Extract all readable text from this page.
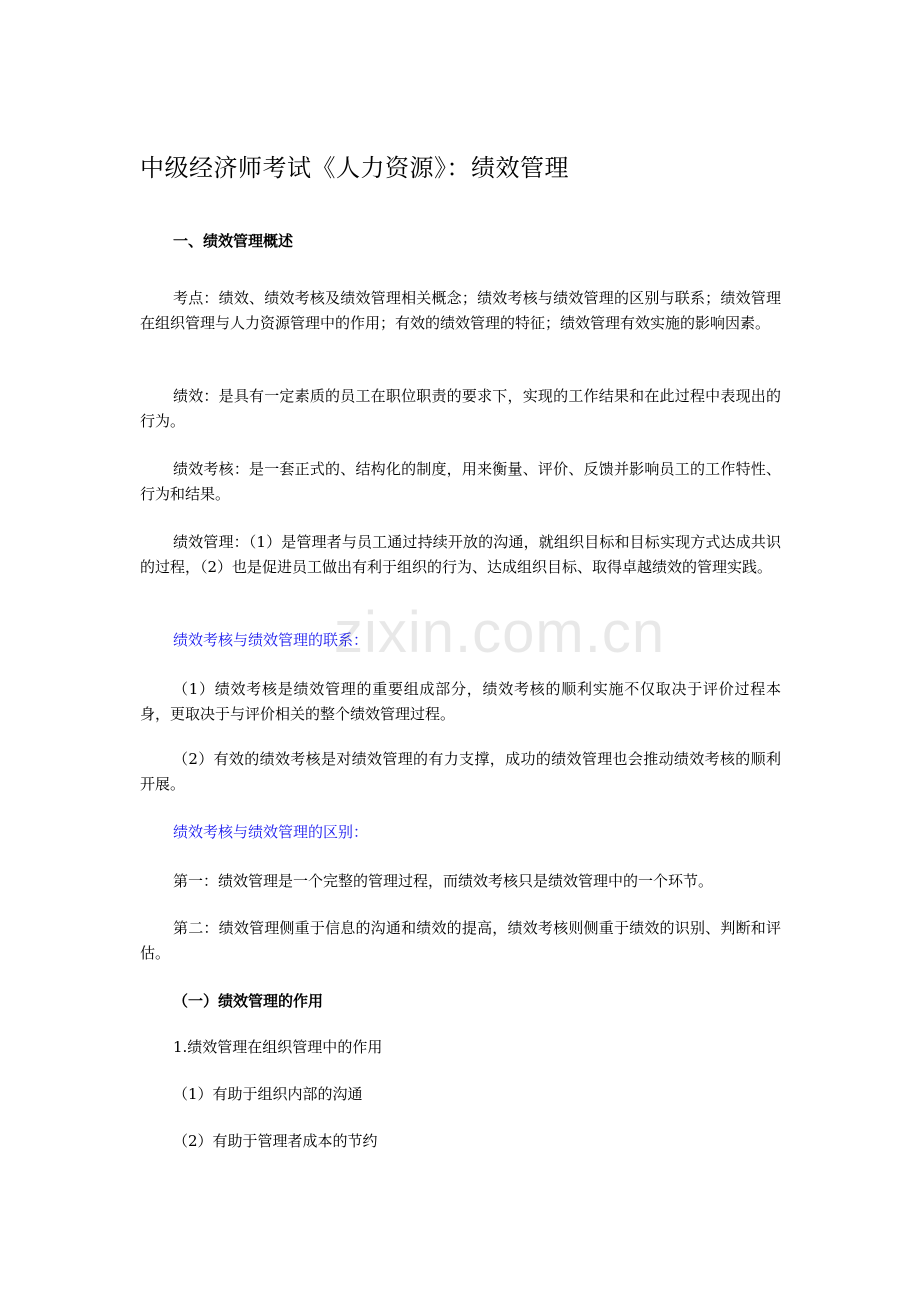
中级经济师考试《人力资源》：绩效管理
一、绩效管理概述
考点：绩效、绩效考核及绩效管理相关概念；绩效考核与绩效管理的区别与联系；绩效管理在组织管理与人力资源管理中的作用；有效的绩效管理的特征；绩效管理有效实施的影响因素。
绩效：是具有一定素质的员工在职位职责的要求下，实现的工作结果和在此过程中表现出的行为。
绩效考核：是一套正式的、结构化的制度，用来衡量、评价、反馈并影响员工的工作特性、行为和结果。
绩效管理：（1）是管理者与员工通过持续开放的沟通，就组织目标和目标实现方式达成共识的过程，（2）也是促进员工做出有利于组织的行为、达成组织目标、取得卓越绩效的管理实践。
绩效考核与绩效管理的联系：
（1）绩效考核是绩效管理的重要组成部分，绩效考核的顺利实施不仅取决于评价过程本身，更取决于与评价相关的整个绩效管理过程。
（2）有效的绩效考核是对绩效管理的有力支撑，成功的绩效管理也会推动绩效考核的顺利开展。
绩效考核与绩效管理的区别：
第一：绩效管理是一个完整的管理过程，而绩效考核只是绩效管理中的一个环节。
第二：绩效管理侧重于信息的沟通和绩效的提高，绩效考核则侧重于绩效的识别、判断和评估。
（一）绩效管理的作用
1.绩效管理在组织管理中的作用
（1）有助于组织内部的沟通
（2）有助于管理者成本的节约
zixin.com.cn
